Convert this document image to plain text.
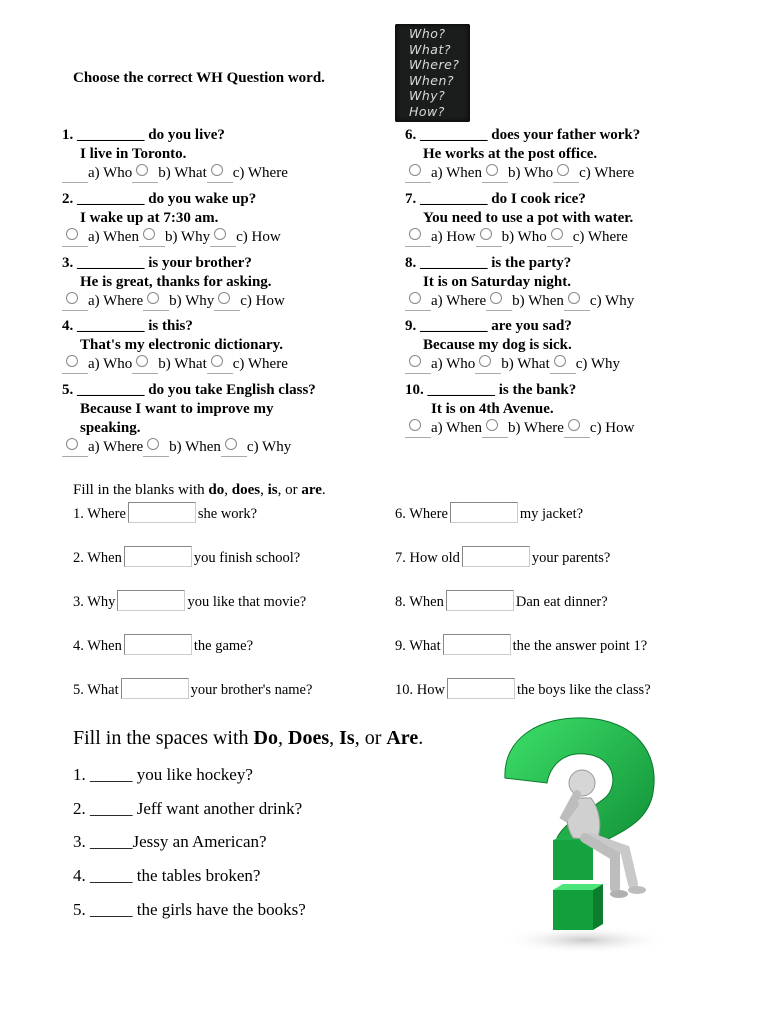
Choose the correct WH Question word.
Who?
What?
Where?
When?
Why?
How?
1. _________ do you live?
I live in Toronto.
a) Who b) What c) Where
2. _________ do you wake up?
I wake up at 7:30 am.
a) When b) Why c) How
3. _________ is your brother?
He is great, thanks for asking.
a) Where b) Why c) How
4. _________ is this?
That's my electronic dictionary.
a) Who b) What c) Where
5. _________ do you take English class?
Because I want to improve my
speaking.
a) Where b) When c) Why
6. _________ does your father work?
He works at the post office.
a) When b) Who c) Where
7. _________ do I cook rice?
You need to use a pot with water.
a) How b) Who c) Where
8. _________ is the party?
It is on Saturday night.
a) Where b) When c) Why
9. _________ are you sad?
Because my dog is sick.
a) Who b) What c) Why
10. _________ is the bank?
It is on 4th Avenue.
a) When b) Where c) How
Fill in the blanks with do, does, is, or are.
1. Where	she work?
2. When	you finish school?
3. Why	you like that movie?
4. When	the game?
5. What	your brother's name?
6. Where	my jacket?
7. How old	your parents?
8. When	Dan eat dinner?
9. What	the the answer point 1?
10. How	the boys like the class?
Fill in the spaces with Do, Does, Is, or Are.
1. _____ you like hockey?
2. _____ Jeff want another drink?
3. _____Jessy an American?
4. _____ the tables broken?
5. _____ the girls have the books?
